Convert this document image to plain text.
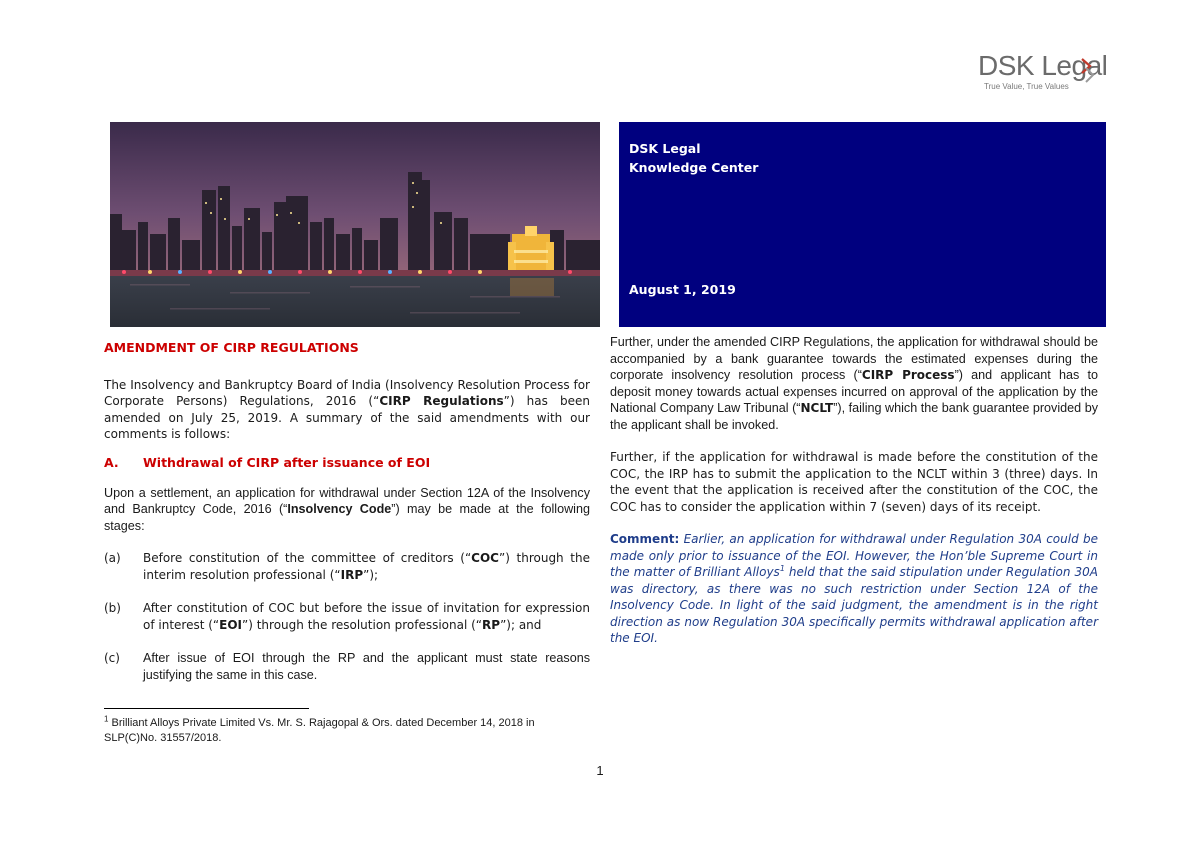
DSK Legal
True Value, True Values
DSK Legal
Knowledge Center
August 1, 2019
AMENDMENT OF CIRP REGULATIONS

The Insolvency and Bankruptcy Board of India (Insolvency Resolution Process for Corporate Persons) Regulations, 2016 (“CIRP Regulations”) has been amended on July 25, 2019. A summary of the said amendments with our comments is follows:

A. Withdrawal of CIRP after issuance of EOI

Upon a settlement, an application for withdrawal under Section 12A of the Insolvency and Bankruptcy Code, 2016 (“Insolvency Code”) may be made at the following stages:

(a) Before constitution of the committee of creditors (“COC”) through the interim resolution professional (“IRP”);
(b) After constitution of COC but before the issue of invitation for expression of interest (“EOI”) through the resolution professional (“RP”); and
(c) After issue of EOI through the RP and the applicant must state reasons justifying the same in this case.

Further, under the amended CIRP Regulations, the application for withdrawal should be accompanied by a bank guarantee towards the estimated expenses during the corporate insolvency resolution process (“CIRP Process”) and applicant has to deposit money towards actual expenses incurred on approval of the application by the National Company Law Tribunal (“NCLT”), failing which the bank guarantee provided by the applicant shall be invoked.

Further, if the application for withdrawal is made before the constitution of the COC, the IRP has to submit the application to the NCLT within 3 (three) days. In the event that the application is received after the constitution of the COC, the COC has to consider the application within 7 (seven) days of its receipt.

Comment: Earlier, an application for withdrawal under Regulation 30A could be made only prior to issuance of the EOI. However, the Hon’ble Supreme Court in the matter of Brilliant Alloys$^1$ held that the said stipulation under Regulation 30A was directory, as there was no such restriction under Section 12A of the Insolvency Code. In light of the said judgment, the amendment is in the right direction as now Regulation 30A specifically permits withdrawal application after the EOI.

$^1$ Brilliant Alloys Private Limited Vs. Mr. S. Rajagopal & Ors. dated December 14, 2018 in SLP(C)No. 31557/2018.
1
